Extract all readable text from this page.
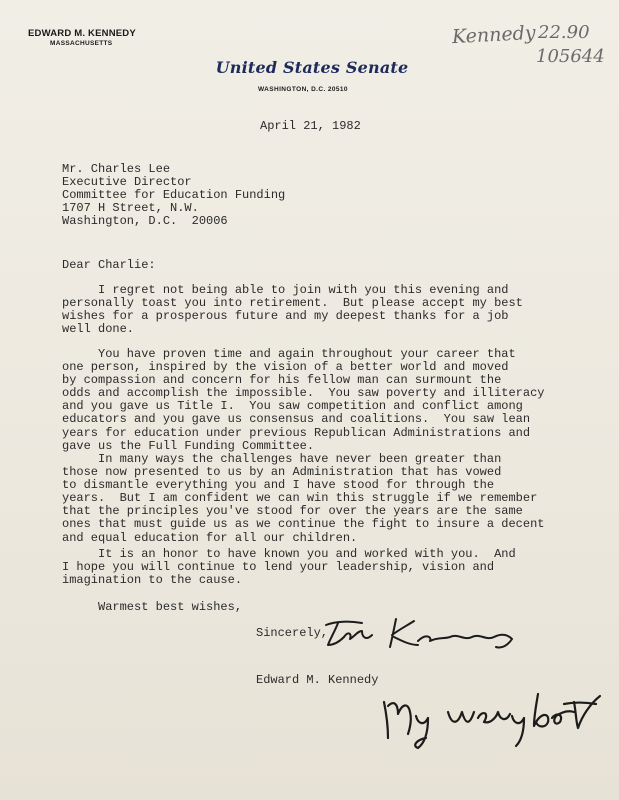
EDWARD M. KENNEDY
MASSACHUSETTS
United States Senate
WASHINGTON, D.C. 20510
Kennedy 22.90
105644
April 21, 1982
Mr. Charles Lee
Executive Director
Committee for Education Funding
1707 H Street, N.W.
Washington, D.C.  20006
Dear Charlie:
I regret not being able to join with you this evening and
personally toast you into retirement.  But please accept my best
wishes for a prosperous future and my deepest thanks for a job
well done.
You have proven time and again throughout your career that
one person, inspired by the vision of a better world and moved
by compassion and concern for his fellow man can surmount the
odds and accomplish the impossible.  You saw poverty and illiteracy
and you gave us Title I.  You saw competition and conflict among
educators and you gave us consensus and coalitions.  You saw lean
years for education under previous Republican Administrations and
gave us the Full Funding Committee.
In many ways the challenges have never been greater than
those now presented to us by an Administration that has vowed
to dismantle everything you and I have stood for through the
years.  But I am confident we can win this struggle if we remember
that the principles you've stood for over the years are the same
ones that must guide us as we continue the fight to insure a decent
and equal education for all our children.
It is an honor to have known you and worked with you.  And
I hope you will continue to lend your leadership, vision and
imagination to the cause.
Warmest best wishes,
Sincerely,
Edward M. Kennedy
